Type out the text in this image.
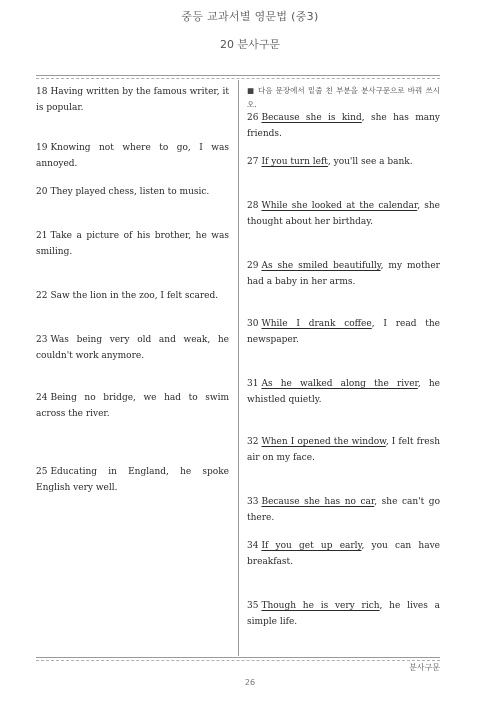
중등 교과서별 영문법 (중3)
20 분사구문
18 Having written by the famous writer, it is popular.
19 Knowing not where to go, I was annoyed.
20 They played chess, listen to music.
21 Take a picture of his brother, he was smiling.
22 Saw the lion in the zoo, I felt scared.
23 Was being very old and weak, he couldn't work anymore.
24 Being no bridge, we had to swim across the river.
25 Educating in England, he spoke English very well.
■ 다음 문장에서 밑줄 친 부분을 분사구문으로 바꿔 쓰시오.
26 Because she is kind, she has many friends.
27 If you turn left, you'll see a bank.
28 While she looked at the calendar, she thought about her birthday.
29 As she smiled beautifully, my mother had a baby in her arms.
30 While I drank coffee, I read the newspaper.
31 As he walked along the river, he whistled quietly.
32 When I opened the window, I felt fresh air on my face.
33 Because she has no car, she can't go there.
34 If you get up early, you can have breakfast.
35 Though he is very rich, he lives a simple life.
분사구문
26
